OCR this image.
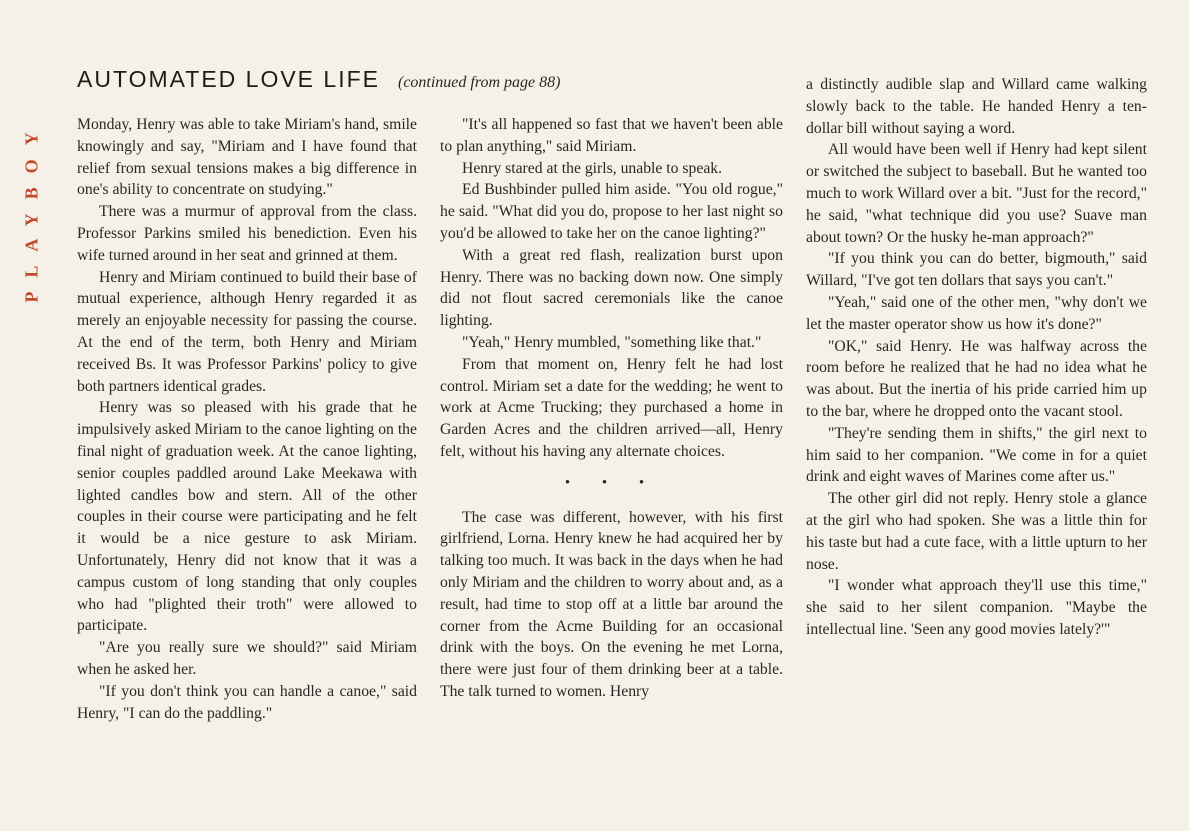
PLAYBOY
AUTOMATED LOVE LIFE (continued from page 88)

Monday, Henry was able to take Miriam's hand, smile knowingly and say, "Miriam and I have found that relief from sexual tensions makes a big difference in one's ability to concentrate on studying."

There was a murmur of approval from the class. Professor Parkins smiled his benediction. Even his wife turned around in her seat and grinned at them.

Henry and Miriam continued to build their base of mutual experience, although Henry regarded it as merely an enjoyable necessity for passing the course. At the end of the term, both Henry and Miriam received Bs. It was Professor Parkins' policy to give both partners identical grades.

Henry was so pleased with his grade that he impulsively asked Miriam to the canoe lighting on the final night of graduation week. At the canoe lighting, senior couples paddled around Lake Meekawa with lighted candles bow and stern. All of the other couples in their course were participating and he felt it would be a nice gesture to ask Miriam. Unfortunately, Henry did not know that it was a campus custom of long standing that only couples who had "plighted their troth" were allowed to participate.

"Are you really sure we should?" said Miriam when he asked her.

"If you don't think you can handle a canoe," said Henry, "I can do the paddling."

"It's all happened so fast that we haven't been able to plan anything," said Miriam.

Henry stared at the girls, unable to speak.

Ed Bushbinder pulled him aside. "You old rogue," he said. "What did you do, propose to her last night so you'd be allowed to take her on the canoe lighting?"

With a great red flash, realization burst upon Henry. There was no backing down now. One simply did not flout sacred ceremonials like the canoe lighting.

"Yeah," Henry mumbled, "something like that."

From that moment on, Henry felt he had lost control. Miriam set a date for the wedding; he went to work at Acme Trucking; they purchased a home in Garden Acres and the children arrived—all, Henry felt, without his having any alternate choices.

• • •

The case was different, however, with his first girlfriend, Lorna. Henry knew he had acquired her by talking too much. It was back in the days when he had only Miriam and the children to worry about and, as a result, had time to stop off at a little bar around the corner from the Acme Building for an occasional drink with the boys. On the evening he met Lorna, there were just four of them drinking beer at a table. The talk turned to women. Henry

a distinctly audible slap and Willard came walking slowly back to the table. He handed Henry a ten-dollar bill without saying a word.

All would have been well if Henry had kept silent or switched the subject to baseball. But he wanted too much to work Willard over a bit. "Just for the record," he said, "what technique did you use? Suave man about town? Or the husky he-man approach?"

"If you think you can do better, bigmouth," said Willard, "I've got ten dollars that says you can't."

"Yeah," said one of the other men, "why don't we let the master operator show us how it's done?"

"OK," said Henry. He was halfway across the room before he realized that he had no idea what he was about. But the inertia of his pride carried him up to the bar, where he dropped onto the vacant stool.

"They're sending them in shifts," the girl next to him said to her companion. "We come in for a quiet drink and eight waves of Marines come after us."

The other girl did not reply. Henry stole a glance at the girl who had spoken. She was a little thin for his taste but had a cute face, with a little upturn to her nose.

"I wonder what approach they'll use this time," she said to her silent companion. "Maybe the intellectual line. 'Seen any good movies lately?'"
